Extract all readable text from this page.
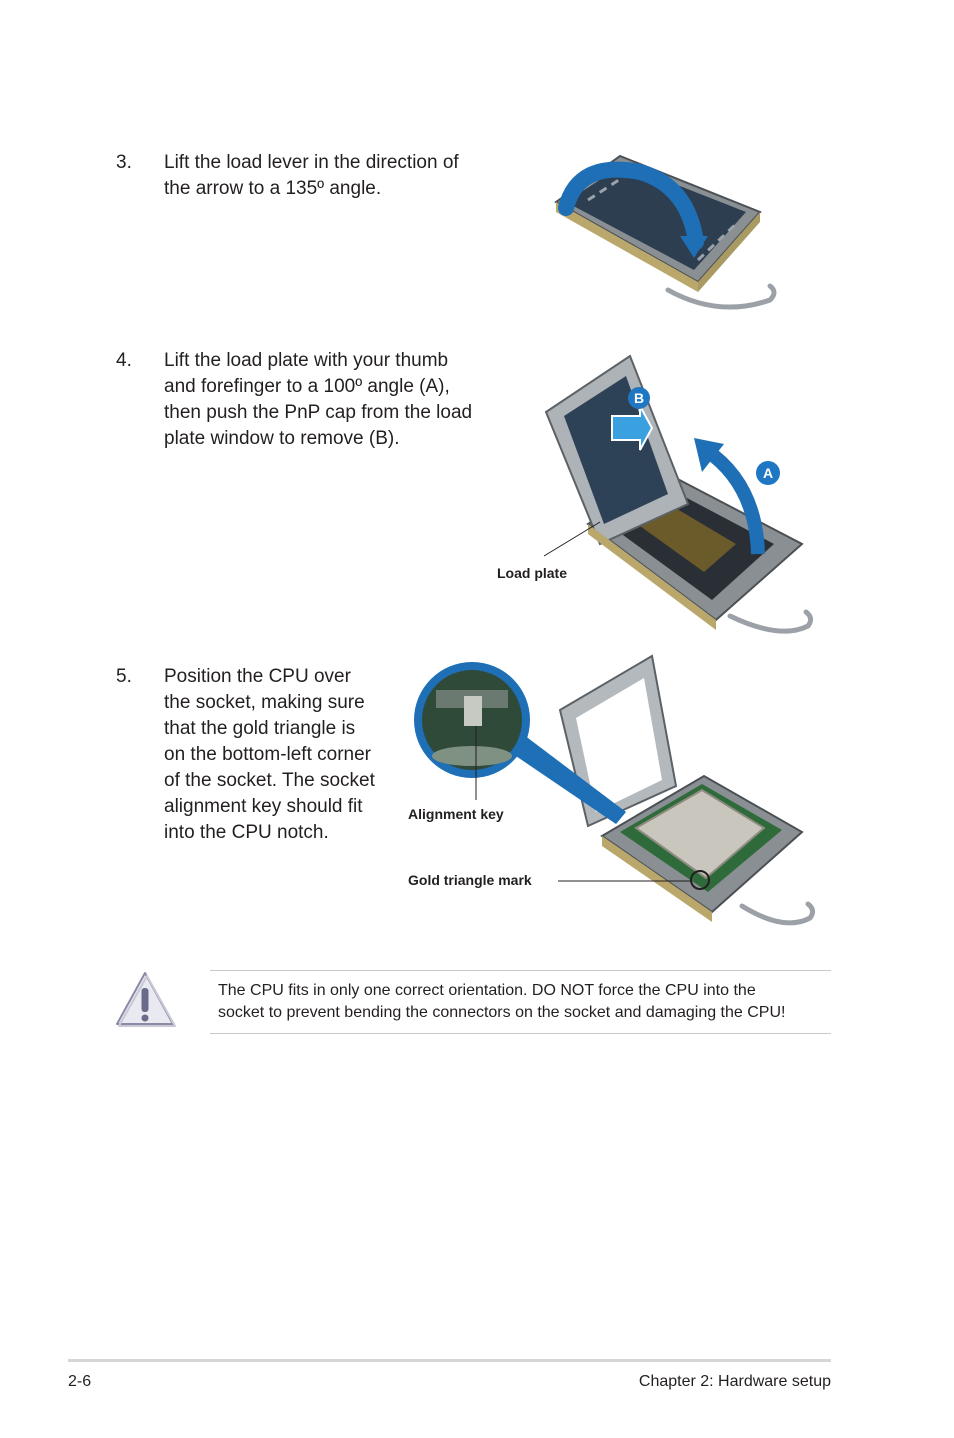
3. Lift the load lever in the direction of
the arrow to a 135º angle.
4. Lift the load plate with your thumb
and forefinger to a 100º angle (A),
then push the PnP cap from the load
plate window to remove (B).
B
A
Load plate
5. Position the CPU over
the socket, making sure
that the gold triangle is
on the bottom-left corner
of the socket. The socket
alignment key should fit
into the CPU notch.
Alignment key
Gold triangle mark
The CPU fits in only one correct orientation. DO NOT force the CPU into the
socket to prevent bending the connectors on the socket and damaging the CPU!
2-6	Chapter 2: Hardware setup
